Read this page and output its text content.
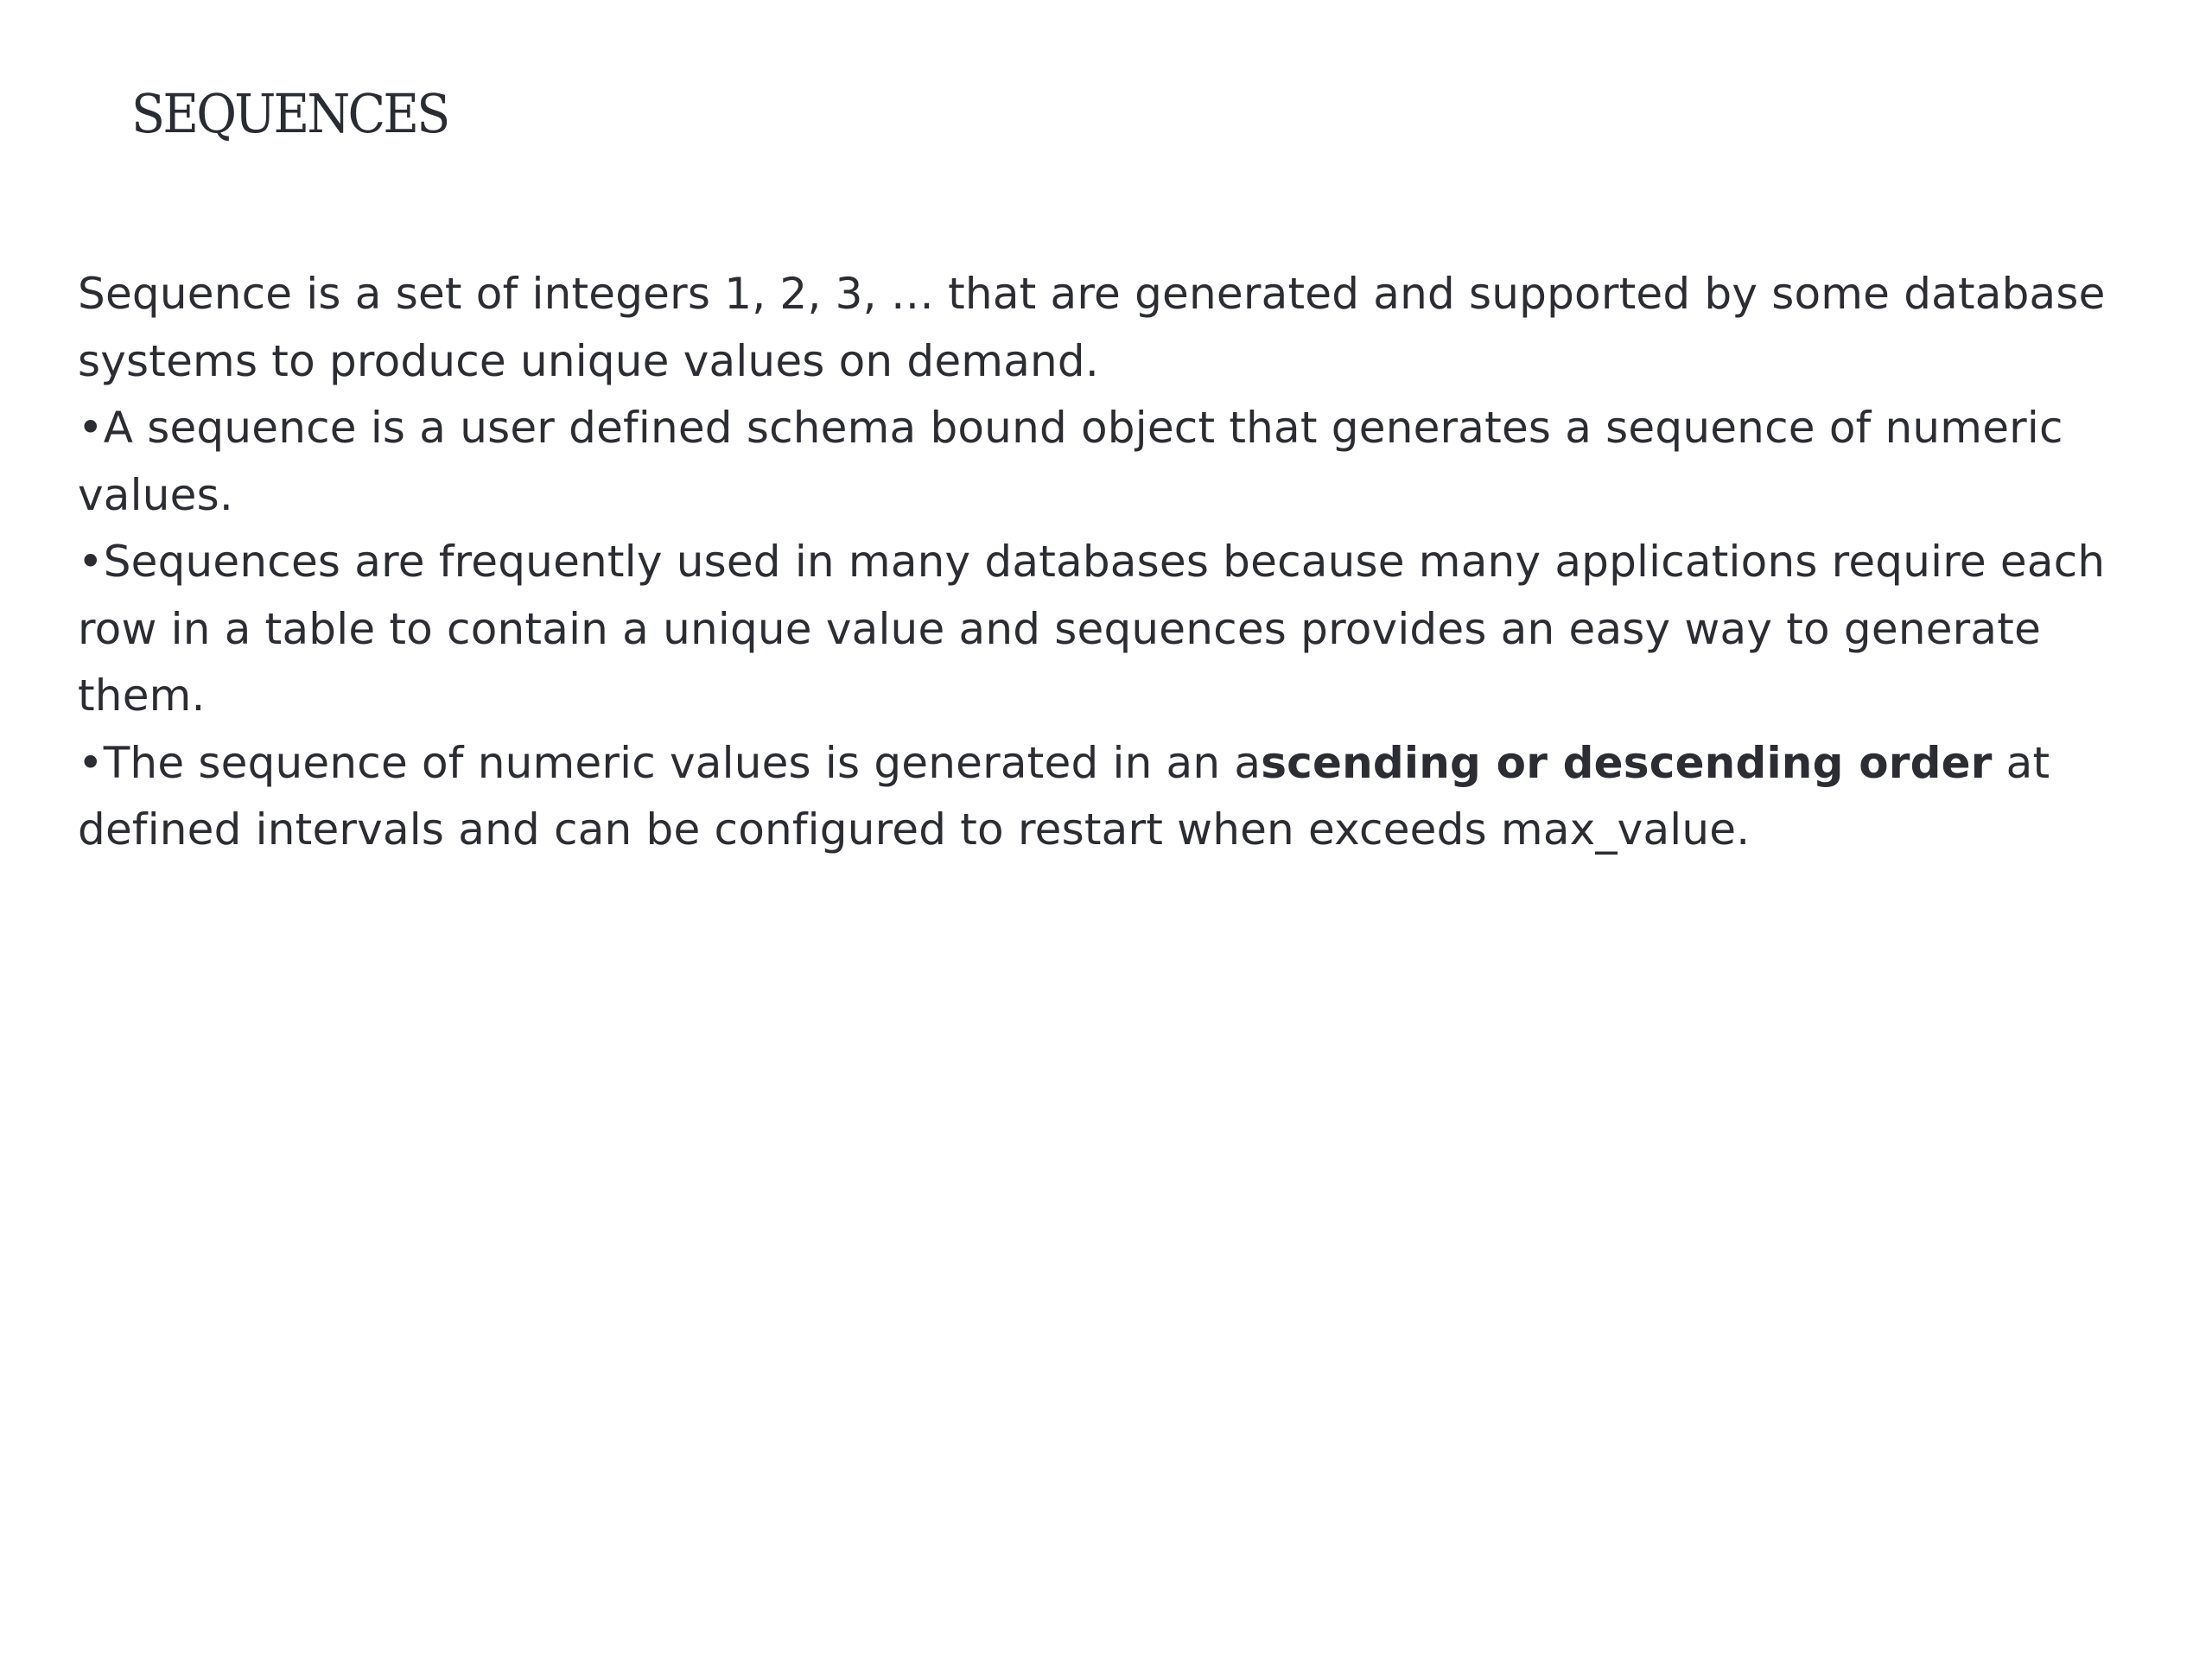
SEQUENCES

Sequence is a set of integers 1, 2, 3, … that are generated and supported by some database
systems to produce unique values on demand.

•A sequence is a user defined schema bound object that generates a sequence of numeric
values.

•Sequences are frequently used in many databases because many applications require each
row in a table to contain a unique value and sequences provides an easy way to generate
them.

•The sequence of numeric values is generated in an ascending or descending order at
defined intervals and can be configured to restart when exceeds max_value.
